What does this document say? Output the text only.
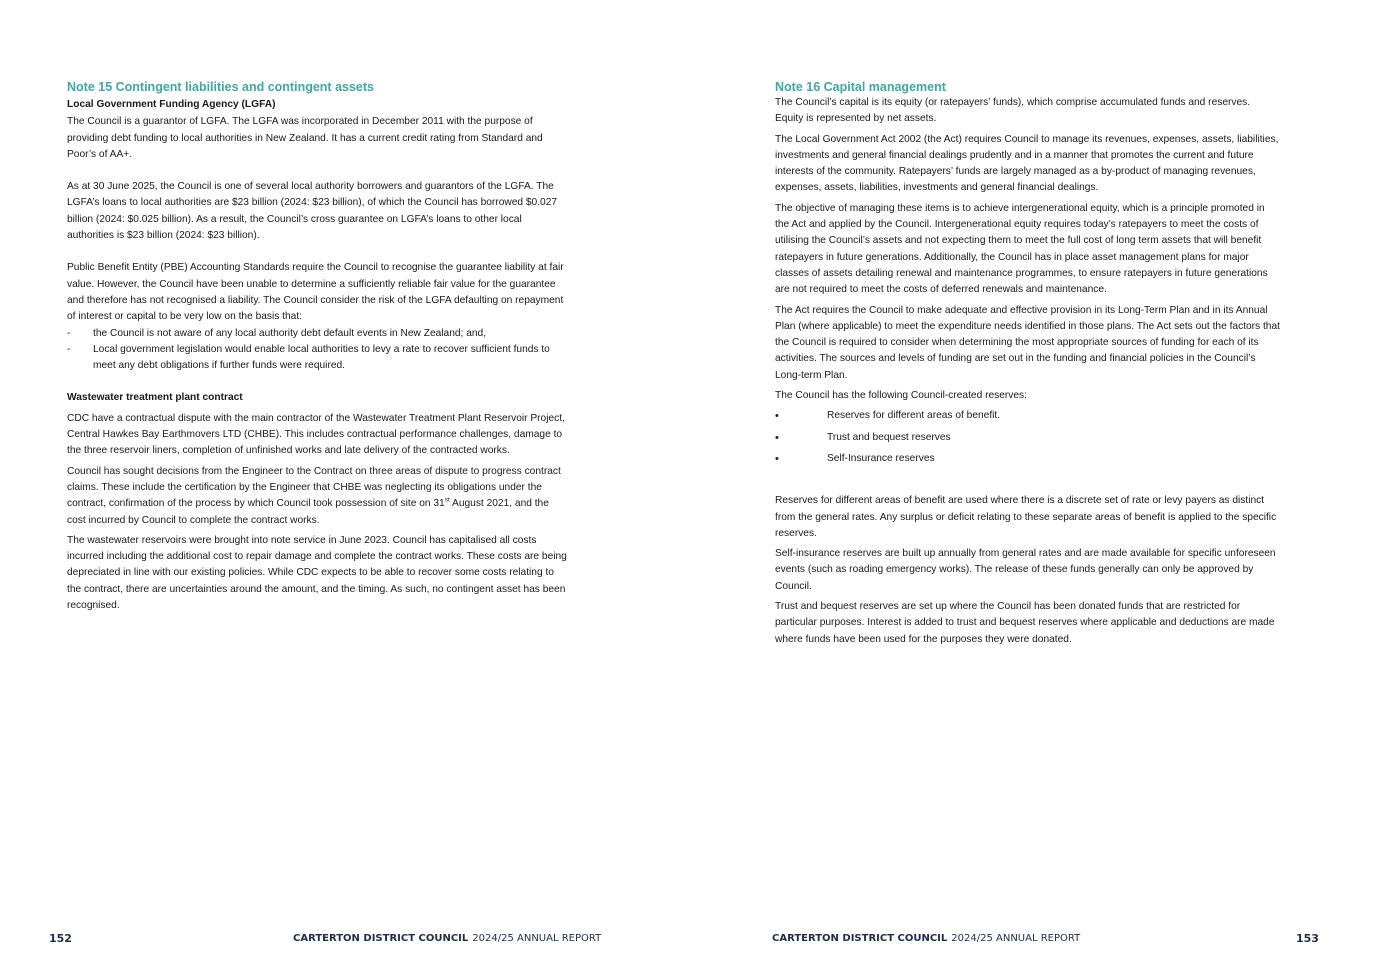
Note 15 Contingent liabilities and contingent assets
Local Government Funding Agency (LGFA)

The Council is a guarantor of LGFA. The LGFA was incorporated in December 2011 with the purpose of providing debt funding to local authorities in New Zealand. It has a current credit rating from Standard and Poor’s of AA+.

As at 30 June 2025, the Council is one of several local authority borrowers and guarantors of the LGFA. The LGFA’s loans to local authorities are $23 billion (2024: $23 billion), of which the Council has borrowed $0.027 billion (2024: $0.025 billion). As a result, the Council’s cross guarantee on LGFA’s loans to other local authorities is $23 billion (2024: $23 billion).

Public Benefit Entity (PBE) Accounting Standards require the Council to recognise the guarantee liability at fair value. However, the Council have been unable to determine a sufficiently reliable fair value for the guarantee and therefore has not recognised a liability. The Council consider the risk of the LGFA defaulting on repayment of interest or capital to be very low on the basis that:

- the Council is not aware of any local authority debt default events in New Zealand; and,
- Local government legislation would enable local authorities to levy a rate to recover sufficient funds to meet any debt obligations if further funds were required.
Wastewater treatment plant contract

CDC have a contractual dispute with the main contractor of the Wastewater Treatment Plant Reservoir Project, Central Hawkes Bay Earthmovers LTD (CHBE). This includes contractual performance challenges, damage to the three reservoir liners, completion of unfinished works and late delivery of the contracted works.

Council has sought decisions from the Engineer to the Contract on three areas of dispute to progress contract claims. These include the certification by the Engineer that CHBE was neglecting its obligations under the contract, confirmation of the process by which Council took possession of site on 31st August 2021, and the cost incurred by Council to complete the contract works.

The wastewater reservoirs were brought into note service in June 2023. Council has capitalised all costs incurred including the additional cost to repair damage and complete the contract works. These costs are being depreciated in line with our existing policies. While CDC expects to be able to recover some costs relating to the contract, there are uncertainties around the amount, and the timing. As such, no contingent asset has been recognised.

152	CARTERTON DISTRICT COUNCIL 2024/25 ANNUAL REPORT
Note 16 Capital management

The Council’s capital is its equity (or ratepayers’ funds), which comprise accumulated funds and reserves. Equity is represented by net assets.

The Local Government Act 2002 (the Act) requires Council to manage its revenues, expenses, assets, liabilities, investments and general financial dealings prudently and in a manner that promotes the current and future interests of the community. Ratepayers’ funds are largely managed as a by-product of managing revenues, expenses, assets, liabilities, investments and general financial dealings.

The objective of managing these items is to achieve intergenerational equity, which is a principle promoted in the Act and applied by the Council. Intergenerational equity requires today’s ratepayers to meet the costs of utilising the Council’s assets and not expecting them to meet the full cost of long term assets that will benefit ratepayers in future generations. Additionally, the Council has in place asset management plans for major classes of assets detailing renewal and maintenance programmes, to ensure ratepayers in future generations are not required to meet the costs of deferred renewals and maintenance.

The Act requires the Council to make adequate and effective provision in its Long-Term Plan and in its Annual Plan (where applicable) to meet the expenditure needs identified in those plans. The Act sets out the factors that the Council is required to consider when determining the most appropriate sources of funding for each of its activities. The sources and levels of funding are set out in the funding and financial policies in the Council’s Long-term Plan.

The Council has the following Council-created reserves:

•	Reserves for different areas of benefit.
•	Trust and bequest reserves
•	Self-Insurance reserves

Reserves for different areas of benefit are used where there is a discrete set of rate or levy payers as distinct from the general rates. Any surplus or deficit relating to these separate areas of benefit is applied to the specific reserves.

Self-insurance reserves are built up annually from general rates and are made available for specific unforeseen events (such as roading emergency works). The release of these funds generally can only be approved by Council.

Trust and bequest reserves are set up where the Council has been donated funds that are restricted for particular purposes. Interest is added to trust and bequest reserves where applicable and deductions are made where funds have been used for the purposes they were donated.

CARTERTON DISTRICT COUNCIL 2024/25 ANNUAL REPORT	153
